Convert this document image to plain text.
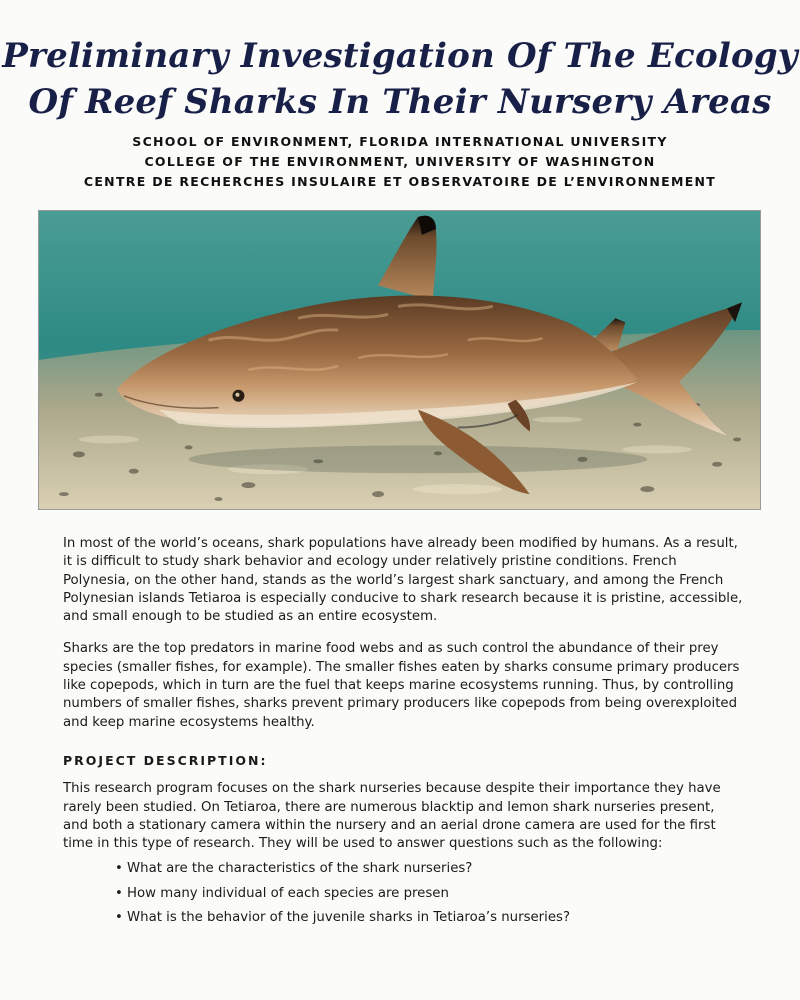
Preliminary Investigation Of The Ecology
Of Reef Sharks In Their Nursery Areas
SCHOOL OF ENVIRONMENT, FLORIDA INTERNATIONAL UNIVERSITY
COLLEGE OF THE ENVIRONMENT, UNIVERSITY OF WASHINGTON
CENTRE DE RECHERCHES INSULAIRE ET OBSERVATOIRE DE L’ENVIRONNEMENT

In most of the world’s oceans, shark populations have already been modified by humans. As a result, it is difficult to study shark behavior and ecology under relatively pristine conditions. French Polynesia, on the other hand, stands as the world’s largest shark sanctuary, and among the French Polynesian islands Tetiaroa is especially conducive to shark research because it is pristine, accessible, and small enough to be studied as an entire ecosystem.

Sharks are the top predators in marine food webs and as such control the abundance of their prey species (smaller fishes, for example). The smaller fishes eaten by sharks consume primary producers like copepods, which in turn are the fuel that keeps marine ecosystems running. Thus, by controlling numbers of smaller fishes, sharks prevent primary producers like copepods from being overexploited and keep marine ecosystems healthy.

PROJECT DESCRIPTION:

This research program focuses on the shark nurseries because despite their importance they have rarely been studied. On Tetiaroa, there are numerous blacktip and lemon shark nurseries present, and both a stationary camera within the nursery and an aerial drone camera are used for the first time in this type of research. They will be used to answer questions such as the following:

• What are the characteristics of the shark nurseries?
• How many individual of each species are presen
• What is the behavior of the juvenile sharks in Tetiaroa’s nurseries?
